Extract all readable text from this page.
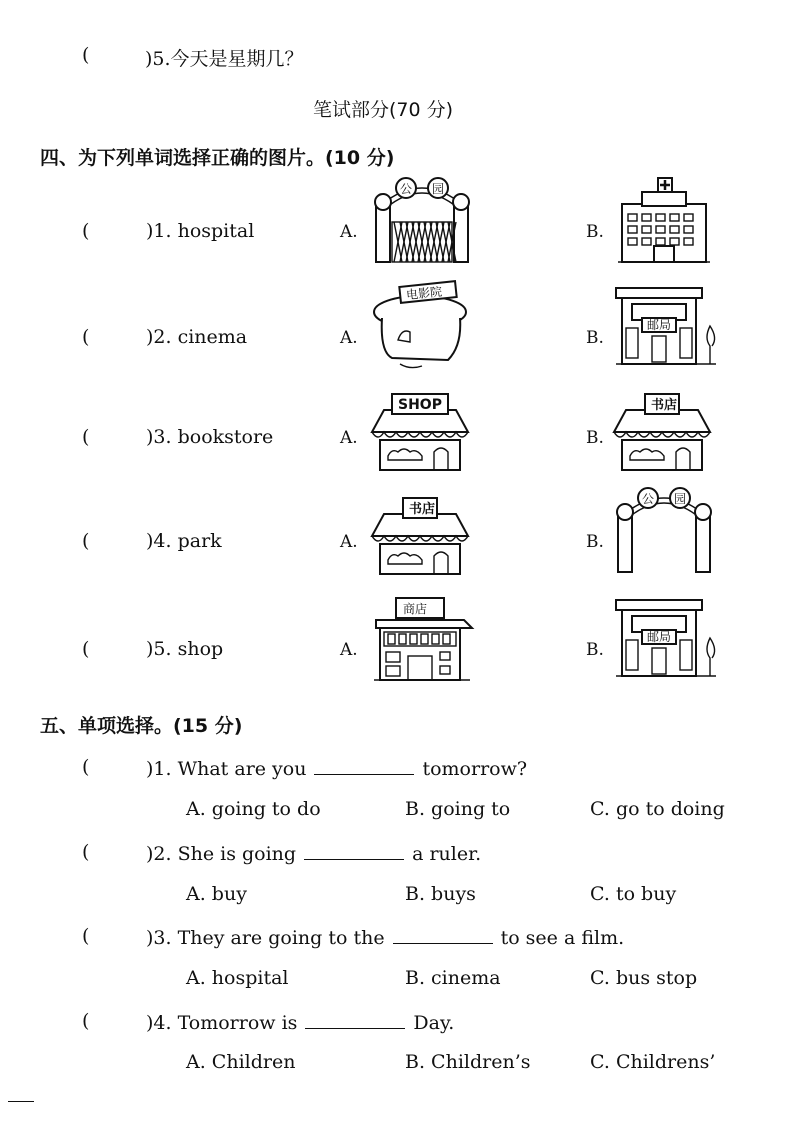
(	)5.今天是星期几？
笔试部分(70 分)
四、为下列单词选择正确的图片。(10 分)
(	)1. hospital	A.
公 园
B.
(	)2. cinema	A.
电影院
B.
邮局
(	)3. bookstore	A.
SHOP
B.
书店
(	)4. park	A.
书店
B.
公 园
(	)5. shop	A.
商店
B.
邮局
五、单项选择。(15 分)
(	)1. What are you	tomorrow?
A. going to do	B. going to	C. go to doing
(	)2. She is going	a ruler.
A. buy	B. buys	C. to buy
(	)3. They are going to the	to see a film.
A. hospital	B. cinema	C. bus stop
(	)4. Tomorrow is	Day.
A. Children	B. Children’s	C. Childrens’
